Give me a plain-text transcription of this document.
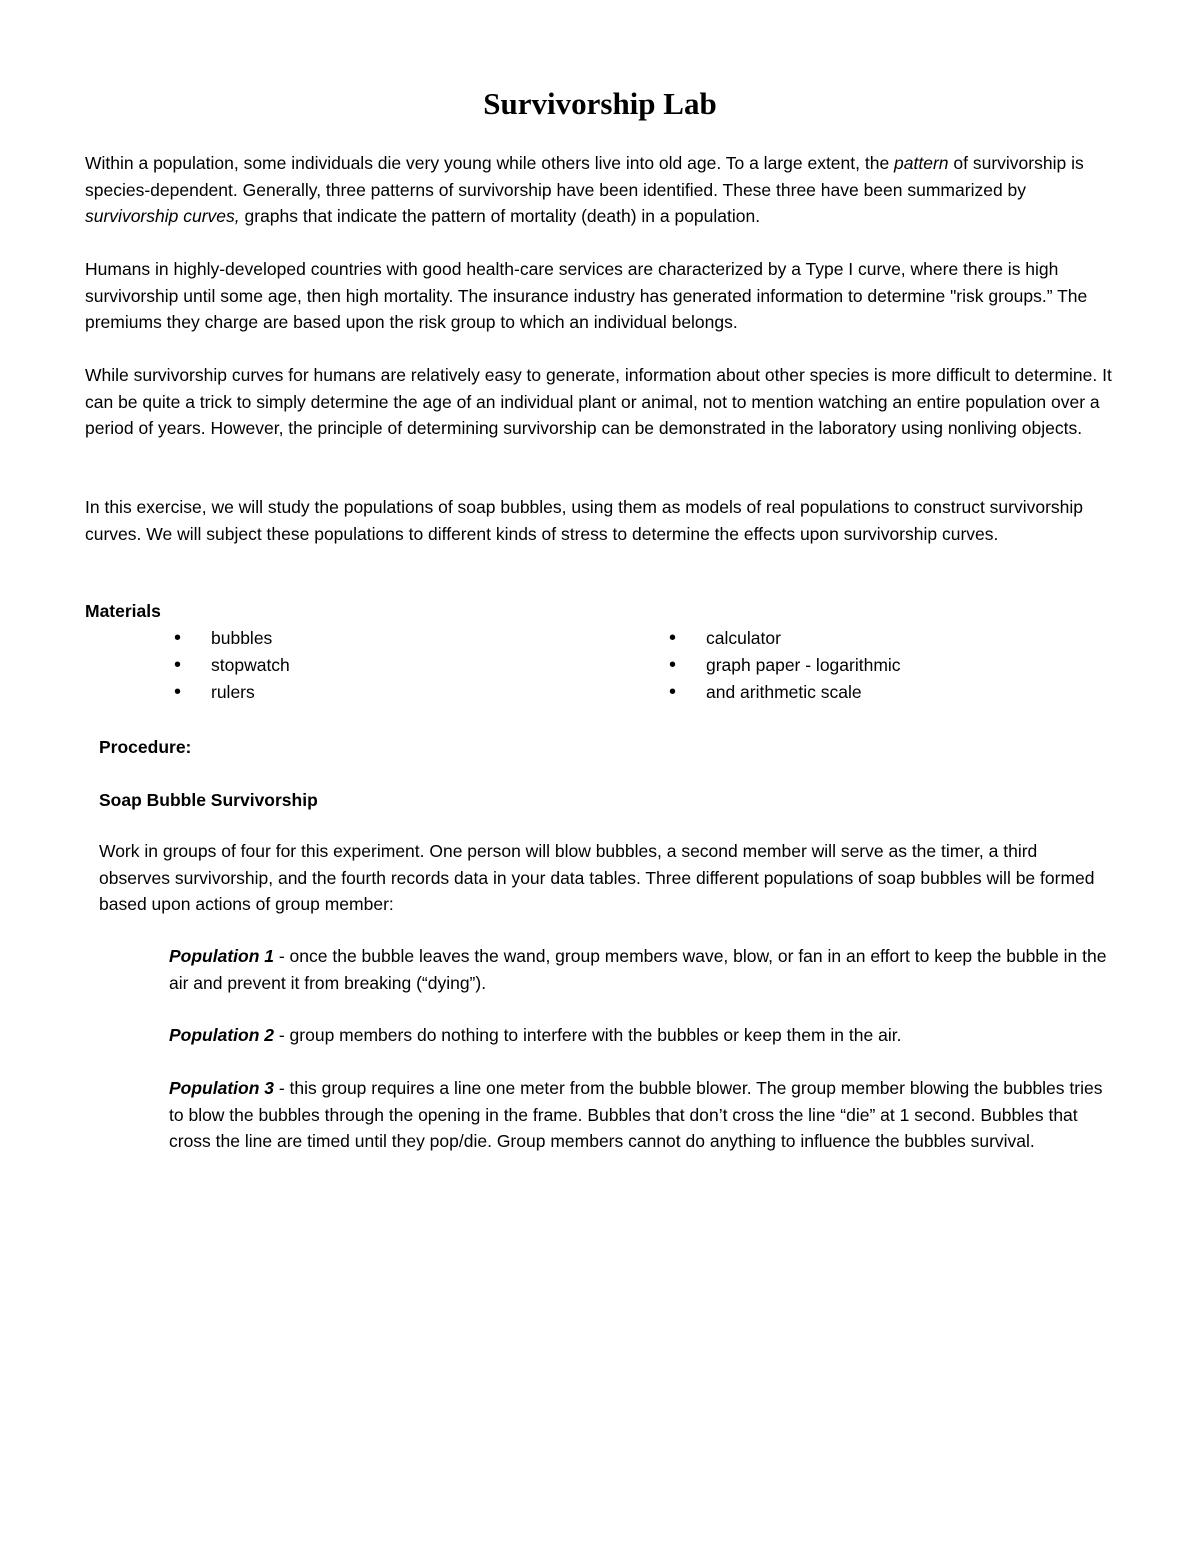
Survivorship Lab

Within a population, some individuals die very young while others live into old age. To a large extent, the pattern of survivorship is species-dependent. Generally, three patterns of survivorship have been identified. These three have been summarized by survivorship curves, graphs that indicate the pattern of mortality (death) in a population.

Humans in highly-developed countries with good health-care services are characterized by a Type I curve, where there is high survivorship until some age, then high mortality. The insurance industry has generated information to determine "risk groups.” The premiums they charge are based upon the risk group to which an individual belongs.

While survivorship curves for humans are relatively easy to generate, information about other species is more difficult to determine. It can be quite a trick to simply determine the age of an individual plant or animal, not to mention watching an entire population over a period of years. However, the principle of determining survivorship can be demonstrated in the laboratory using nonliving objects.

In this exercise, we will study the populations of soap bubbles, using them as models of real populations to construct survivorship curves. We will subject these populations to different kinds of stress to determine the effects upon survivorship curves.

Materials

• bubbles
• stopwatch
• rulers
• calculator
• graph paper - logarithmic
• and arithmetic scale

Procedure:

Soap Bubble Survivorship

Work in groups of four for this experiment. One person will blow bubbles, a second member will serve as the timer, a third observes survivorship, and the fourth records data in your data tables. Three different populations of soap bubbles will be formed based upon actions of group member:

Population 1 - once the bubble leaves the wand, group members wave, blow, or fan in an effort to keep the bubble in the air and prevent it from breaking (“dying”).

Population 2 - group members do nothing to interfere with the bubbles or keep them in the air.

Population 3 - this group requires a line one meter from the bubble blower. The group member blowing the bubbles tries to blow the bubbles through the opening in the frame. Bubbles that don’t cross the line “die” at 1 second. Bubbles that cross the line are timed until they pop/die. Group members cannot do anything to influence the bubbles survival.
